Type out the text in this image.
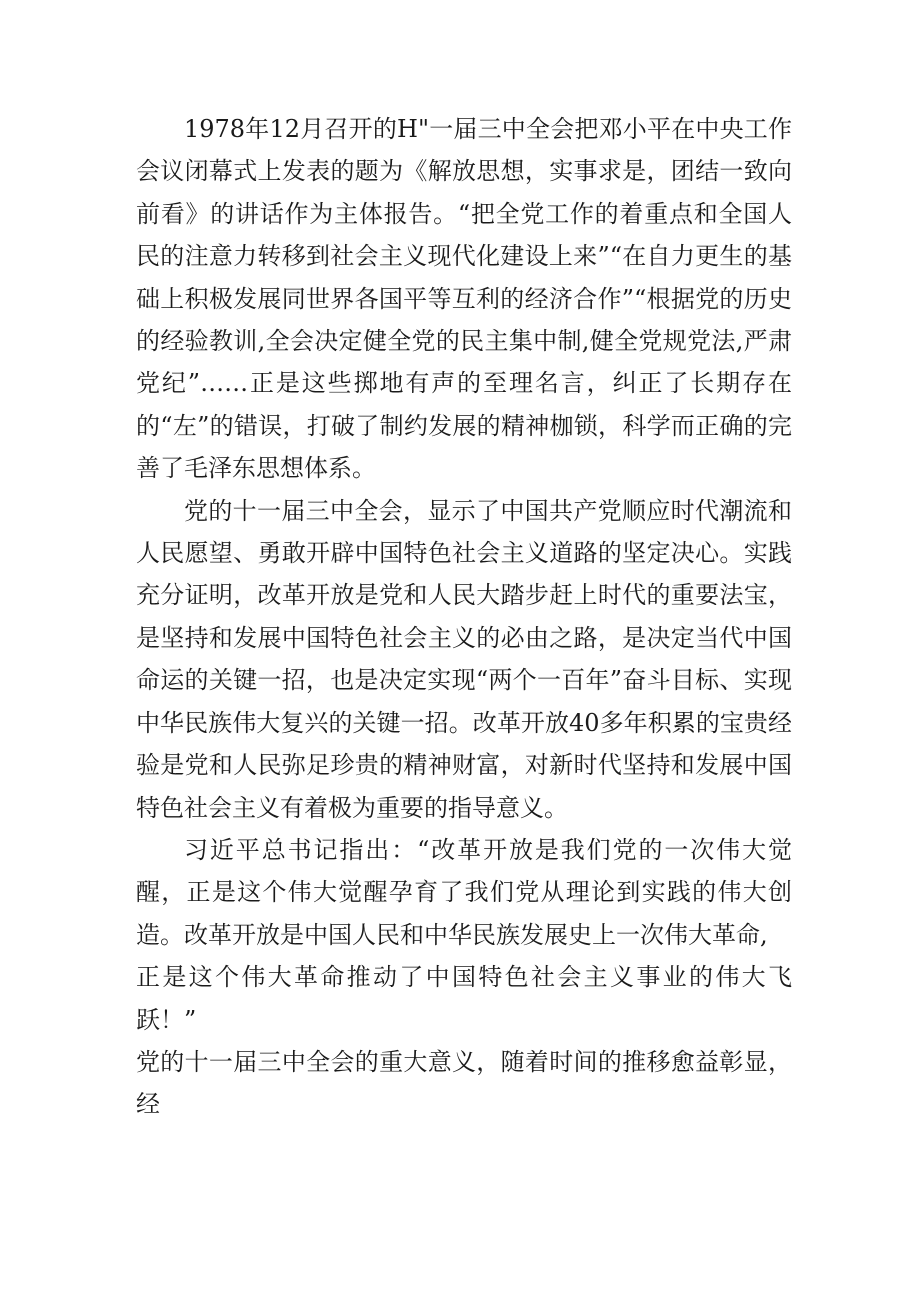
1978年12月召开的H"一届三中全会把邓小平在中央工作会议闭幕式上发表的题为《解放思想，实事求是，团结一致向前看》的讲话作为主体报告。“把全党工作的着重点和全国人民的注意力转移到社会主义现代化建设上来”“在自力更生的基础上积极发展同世界各国平等互利的经济合作”“根据党的历史的经验教训,全会决定健全党的民主集中制,健全党规党法,严肃党纪”……正是这些掷地有声的至理名言，纠正了长期存在的“左”的错误，打破了制约发展的精神枷锁，科学而正确的完善了毛泽东思想体系。

党的十一届三中全会，显示了中国共产党顺应时代潮流和人民愿望、勇敢开辟中国特色社会主义道路的坚定决心。实践充分证明，改革开放是党和人民大踏步赶上时代的重要法宝，是坚持和发展中国特色社会主义的必由之路，是决定当代中国命运的关键一招，也是决定实现“两个一百年”奋斗目标、实现中华民族伟大复兴的关键一招。改革开放40多年积累的宝贵经验是党和人民弥足珍贵的精神财富，对新时代坚持和发展中国特色社会主义有着极为重要的指导意义。

习近平总书记指出：“改革开放是我们党的一次伟大觉醒，正是这个伟大觉醒孕育了我们党从理论到实践的伟大创造。改革开放是中国人民和中华民族发展史上一次伟大革命,

正是这个伟大革命推动了中国特色社会主义事业的伟大飞跃！”

党的十一届三中全会的重大意义，随着时间的推移愈益彰显，经
